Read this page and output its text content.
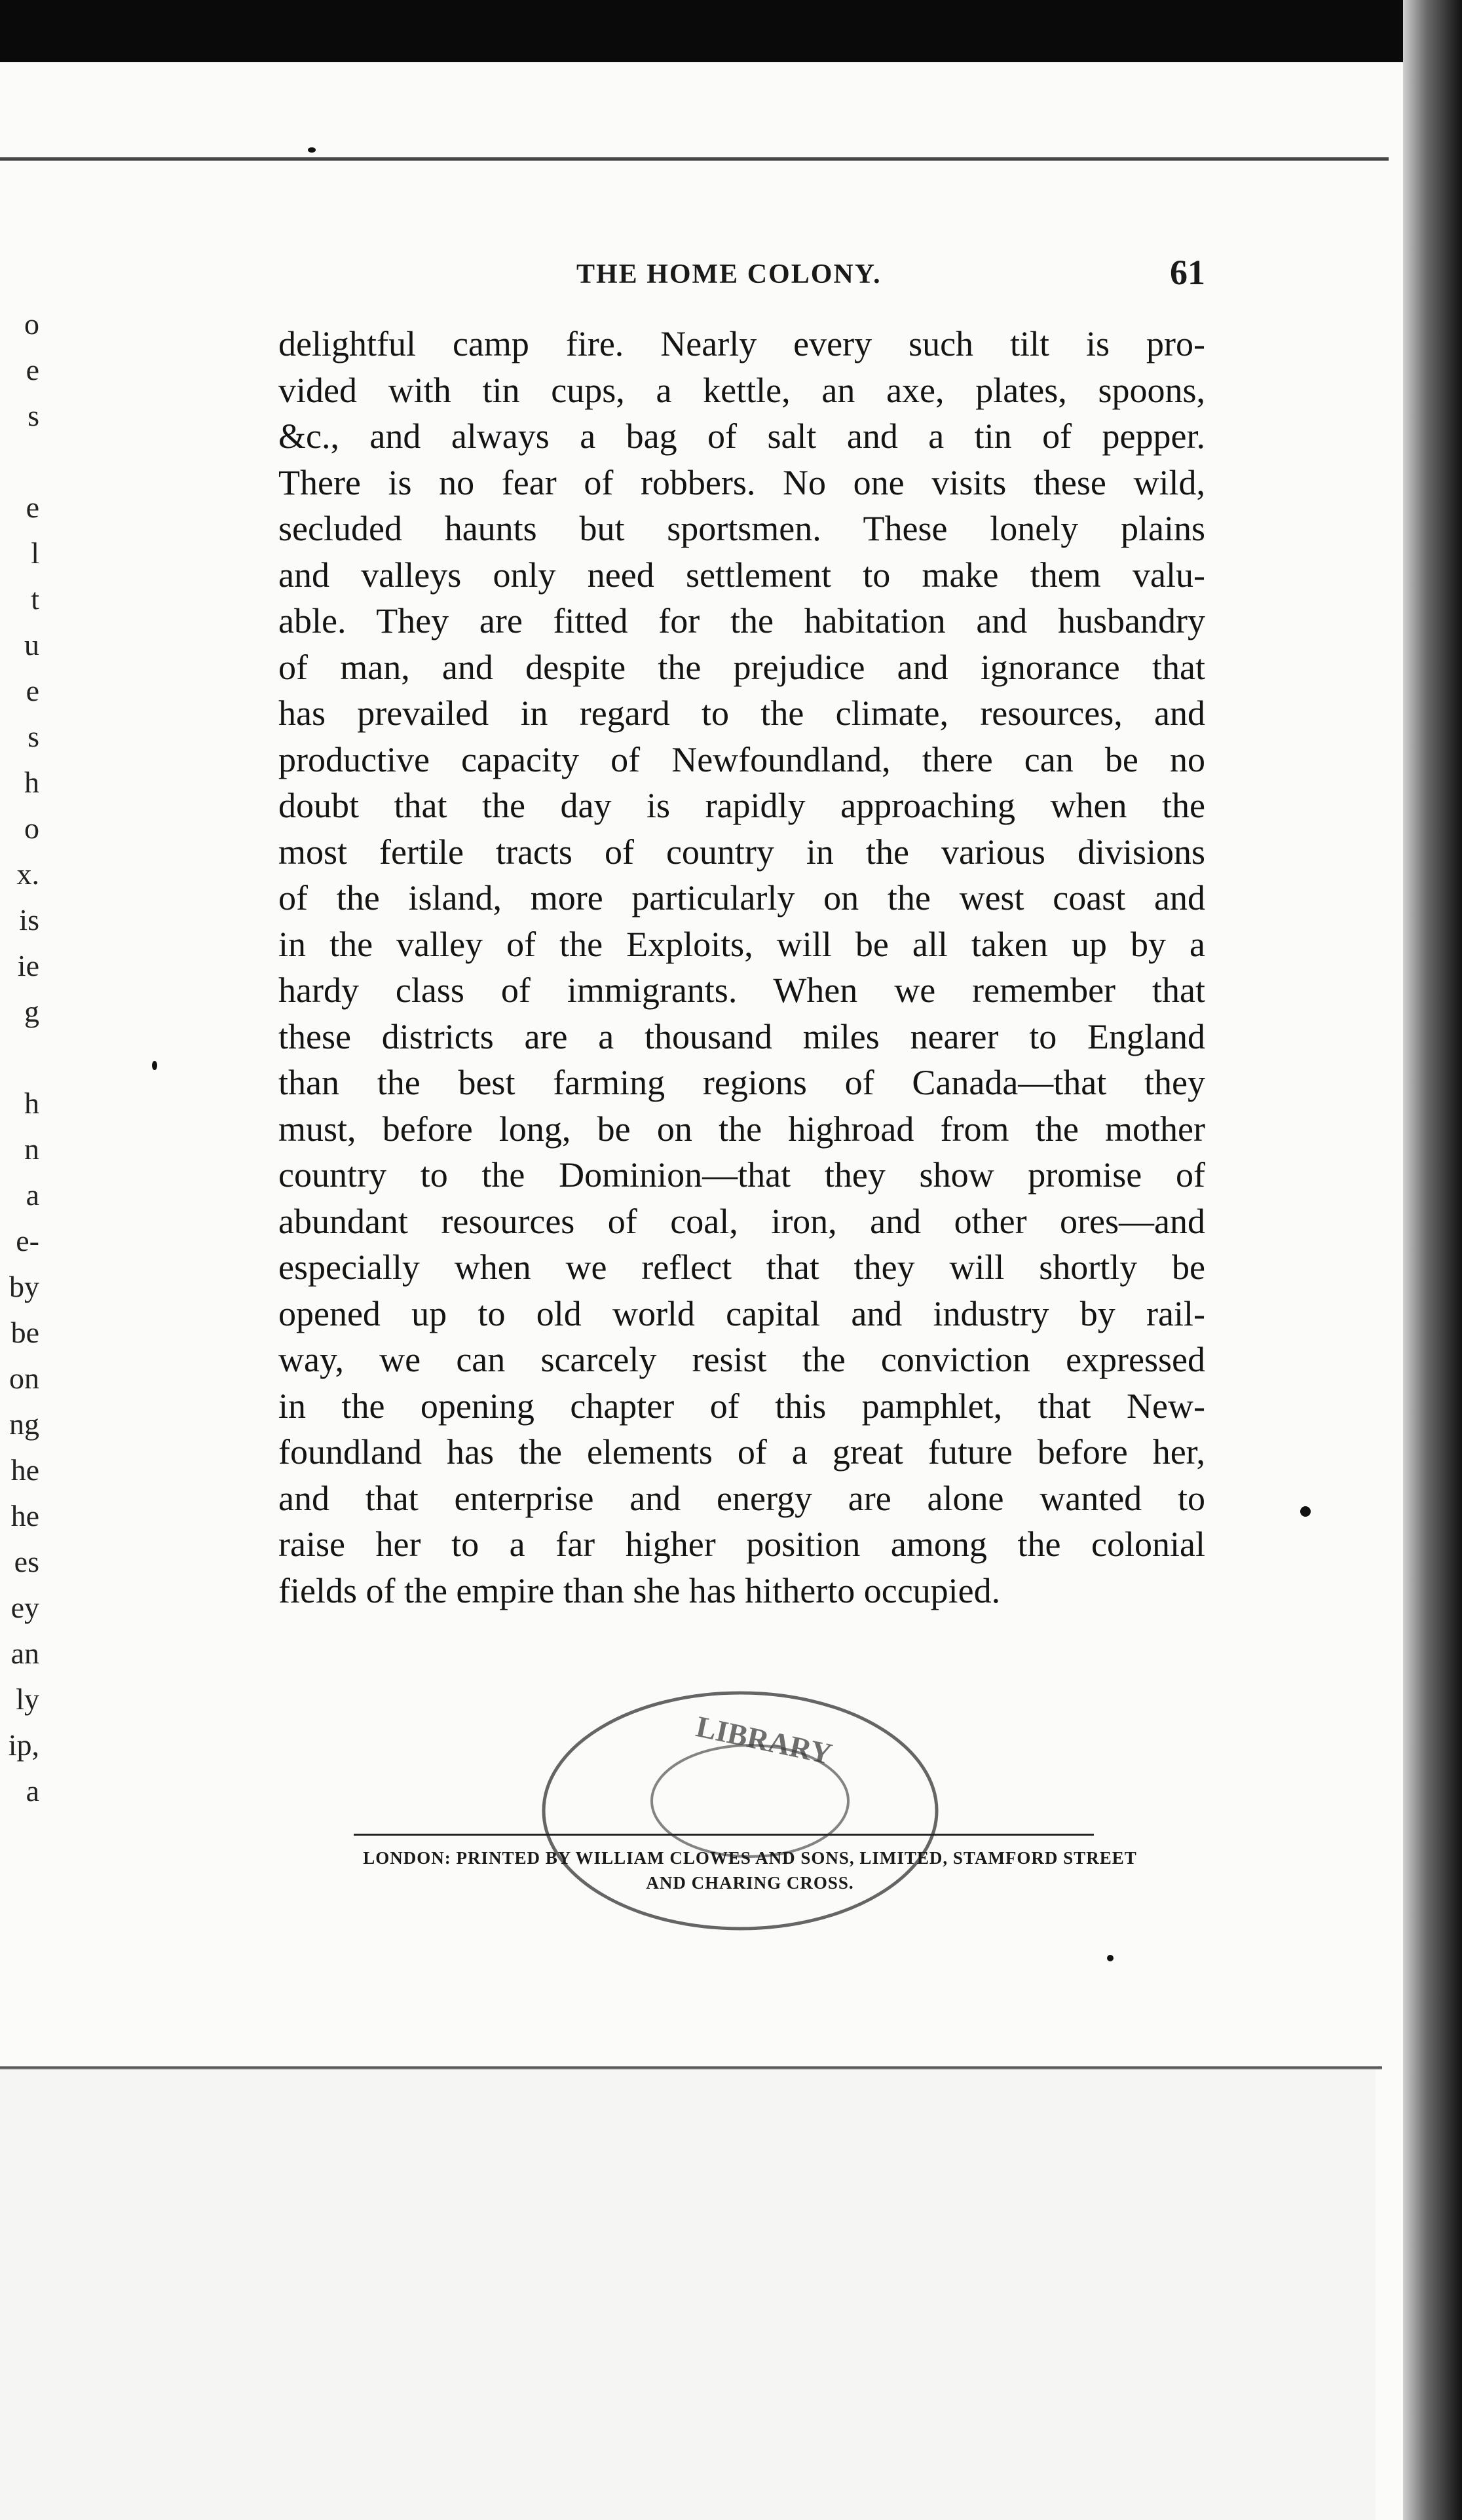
o
e
s
e
l
t
u
e
s
h
o
x.
is
ie
g
h
n
a
e-
by
be
on
ng
he
he
es
ey
an
ly
ip,
a
THE HOME COLONY.	61
delightful camp fire. Nearly every such tilt is pro-
vided with tin cups, a kettle, an axe, plates, spoons,
&c., and always a bag of salt and a tin of pepper.
There is no fear of robbers. No one visits these wild,
secluded haunts but sportsmen. These lonely plains
and valleys only need settlement to make them valu-
able. They are fitted for the habitation and husbandry
of man, and despite the prejudice and ignorance that
has prevailed in regard to the climate, resources, and
productive capacity of Newfoundland, there can be no
doubt that the day is rapidly approaching when the
most fertile tracts of country in the various divisions
of the island, more particularly on the west coast and
in the valley of the Exploits, will be all taken up by a
hardy class of immigrants. When we remember that
these districts are a thousand miles nearer to England
than the best farming regions of Canada—that they
must, before long, be on the highroad from the mother
country to the Dominion—that they show promise of
abundant resources of coal, iron, and other ores—and
especially when we reflect that they will shortly be
opened up to old world capital and industry by rail-
way, we can scarcely resist the conviction expressed
in the opening chapter of this pamphlet, that New-
foundland has the elements of a great future before her,
and that enterprise and energy are alone wanted to
raise her to a far higher position among the colonial
fields of the empire than she has hitherto occupied.
LIBRARY
LONDON: PRINTED BY WILLIAM CLOWES AND SONS, LIMITED, STAMFORD STREET
AND CHARING CROSS.
